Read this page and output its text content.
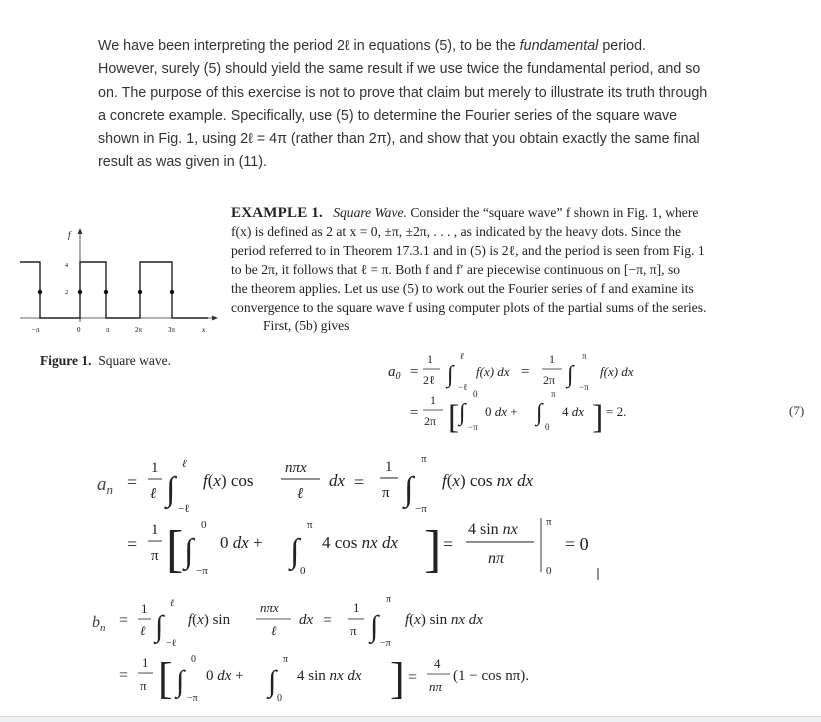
We have been interpreting the period 2ℓ in equations (5), to be the fundamental period.
However, surely (5) should yield the same result if we use twice the fundamental period, and so
on. The purpose of this exercise is not to prove that claim but merely to illustrate its truth through
a concrete example. Specifically, use (5) to determine the Fourier series of the square wave
shown in Fig. 1, using 2ℓ = 4π (rather than 2π), and show that you obtain exactly the same final
result as was given in (11).
EXAMPLE 1. Square Wave. Consider the “square wave” f shown in Fig. 1, where
f(x) is defined as 2 at x = 0, ±π, ±2π, . . . , as indicated by the heavy dots. Since the
period referred to in Theorem 17.3.1 and in (5) is 2ℓ, and the period is seen from Fig. 1
to be 2π, it follows that ℓ = π. Both f and f′ are piecewise continuous on [−π, π], so
the theorem applies. Let us use (5) to work out the Fourier series of f and examine its
convergence to the square wave f using computer plots of the partial sums of the series.
First, (5b) gives
f
4
2
−π	0	π	2π	3π	x
Figure 1. Square wave.
(7)
$a_0$ =
1
2ℓ ∫
ℓ
−ℓ
f(x) dx =
1
2π ∫
π
−π
f(x) dx
=
1
2π [ ∫
0
−π
0 dx + ∫
π
0
4 dx ] = 2.
$a_n$ =
1
ℓ ∫
ℓ
−ℓ
f(x) cos
nπx
ℓ
dx =
1
π ∫
π
−π
f(x) cos nx dx
=
1
π [ ∫
0
−π
0 dx + ∫
π
0
4 cos nx dx ] =
4 sin nx
nπ
π
0
= 0
$b_n$ =
1
ℓ ∫
ℓ
−ℓ
f(x) sin
nπx
ℓ
dx =
1
π ∫
π
−π
f(x) sin nx dx
=
1
π [ ∫
0
−π
0 dx + ∫
π
0
4 sin nx dx ] =
4
nπ
(1 − cos nπ).
